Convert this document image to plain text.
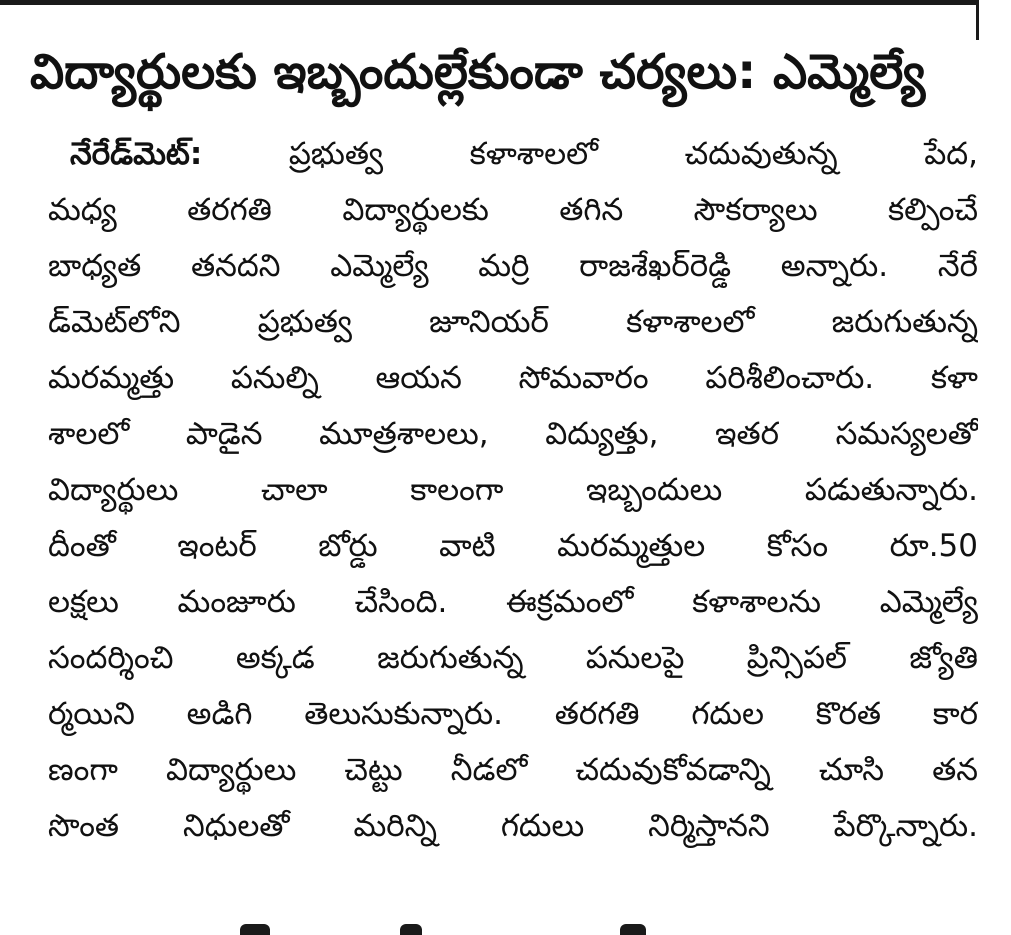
విద్యార్థులకు ఇబ్బందుల్లేకుండా చర్యలు: ఎమ్మెల్యే
నేరేడ్‌మెట్:	ప్రభుత్వ కళాశాలలో చదువుతున్న పేద,
మధ్య తరగతి విద్యార్థులకు తగిన సౌకర్యాలు కల్పించే
బాధ్యత తనదని ఎమ్మెల్యే మర్రి రాజశేఖర్‌రెడ్డి అన్నారు. నేరే
డ్‌మెట్‌లోని ప్రభుత్వ జూనియర్ కళాశాలలో జరుగుతున్న
మరమ్మత్తు పనుల్ని ఆయన సోమవారం పరిశీలించారు. కళా
శాలలో పాడైన మూత్రశాలలు, విద్యుత్తు, ఇతర సమస్యలతో
విద్యార్థులు చాలా కాలంగా ఇబ్బందులు పడుతున్నారు.
దీంతో ఇంటర్ బోర్డు వాటి మరమ్మత్తుల కోసం రూ.50
లక్షలు మంజూరు చేసింది. ఈక్రమంలో కళాశాలను ఎమ్మెల్యే
సందర్శించి అక్కడ జరుగుతున్న పనులపై ప్రిన్సిపల్ జ్యోతి
ర్మయిని అడిగి తెలుసుకున్నారు. తరగతి గదుల కొరత కార
ణంగా విద్యార్థులు చెట్టు నీడలో చదువుకోవడాన్ని చూసి తన
సొంత నిధులతో మరిన్ని గదులు నిర్మిస్తానని పేర్కొన్నారు.
